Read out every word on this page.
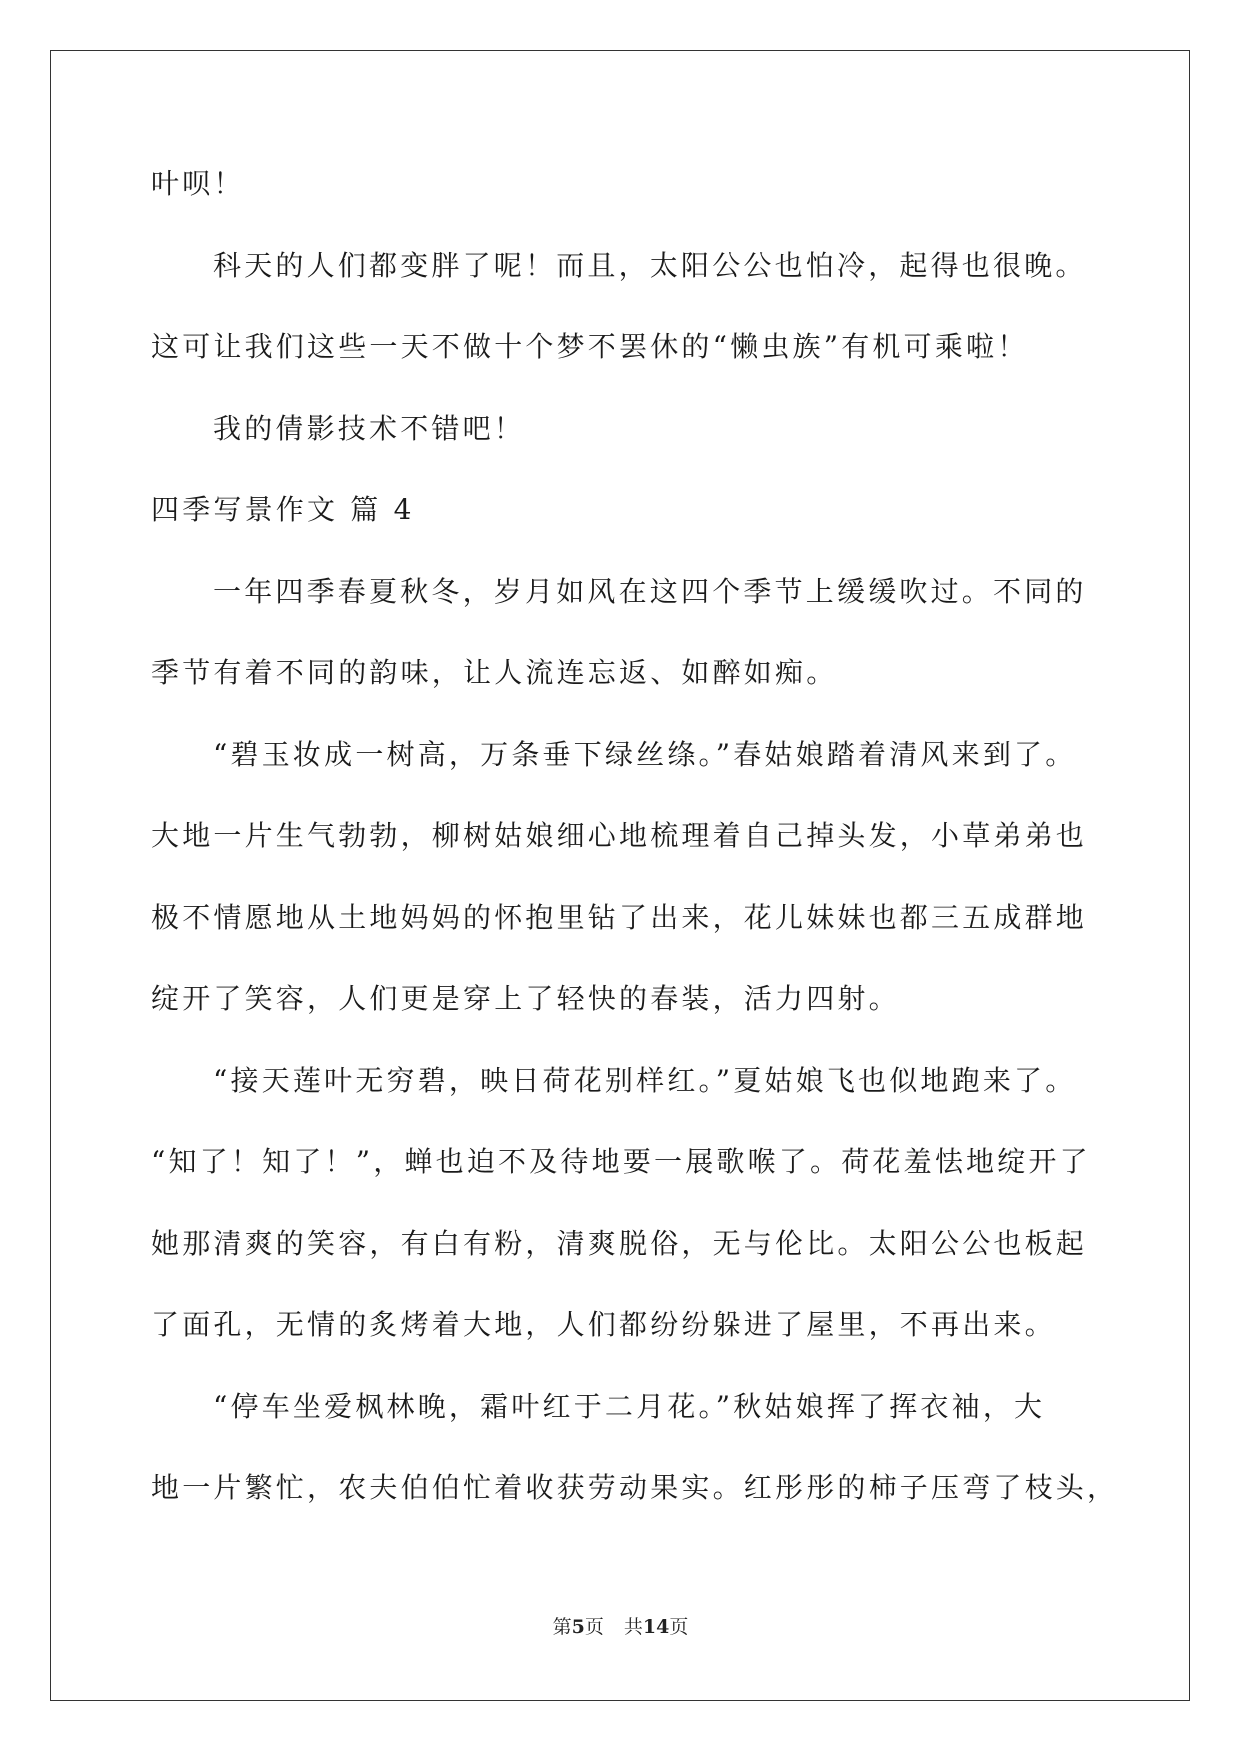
叶呗！

科天的人们都变胖了呢！而且，太阳公公也怕冷，起得也很晚。

这可让我们这些一天不做十个梦不罢休的“懒虫族”有机可乘啦！

我的倩影技术不错吧！

四季写景作文 篇 4

一年四季春夏秋冬，岁月如风在这四个季节上缓缓吹过。不同的

季节有着不同的韵味，让人流连忘返、如醉如痴。

“碧玉妆成一树高，万条垂下绿丝绦。”春姑娘踏着清风来到了。

大地一片生气勃勃，柳树姑娘细心地梳理着自己掉头发，小草弟弟也

极不情愿地从土地妈妈的怀抱里钻了出来，花儿妹妹也都三五成群地

绽开了笑容，人们更是穿上了轻快的春装，活力四射。

“接天莲叶无穷碧，映日荷花别样红。”夏姑娘飞也似地跑来了。

“知了！知了！”，蝉也迫不及待地要一展歌喉了。荷花羞怯地绽开了

她那清爽的笑容，有白有粉，清爽脱俗，无与伦比。太阳公公也板起

了面孔，无情的炙烤着大地，人们都纷纷躲进了屋里，不再出来。

“停车坐爱枫林晚，霜叶红于二月花。”秋姑娘挥了挥衣袖，大

地一片繁忙，农夫伯伯忙着收获劳动果实。红彤彤的柿子压弯了枝头，

第5页 共14页
